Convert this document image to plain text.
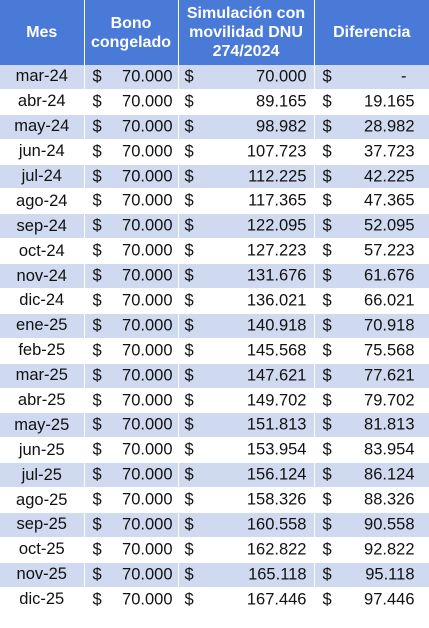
Mes	Bono congelado	Simulación con movilidad DNU 274/2024	Diferencia
mar-24	$ 70.000	$ 70.000	$ -

abr-24	$ 70.000	$ 89.165	$ 19.165

may-24	$ 70.000	$ 98.982	$ 28.982

jun-24	$ 70.000	$ 107.723	$ 37.723

jul-24	$ 70.000	$ 112.225	$ 42.225

ago-24	$ 70.000	$ 117.365	$ 47.365

sep-24	$ 70.000	$ 122.095	$ 52.095

oct-24	$ 70.000	$ 127.223	$ 57.223

nov-24	$ 70.000	$ 131.676	$ 61.676

dic-24	$ 70.000	$ 136.021	$ 66.021

ene-25	$ 70.000	$ 140.918	$ 70.918

feb-25	$ 70.000	$ 145.568	$ 75.568

mar-25	$ 70.000	$ 147.621	$ 77.621

abr-25	$ 70.000	$ 149.702	$ 79.702

may-25	$ 70.000	$ 151.813	$ 81.813

jun-25	$ 70.000	$ 153.954	$ 83.954

jul-25	$ 70.000	$ 156.124	$ 86.124

ago-25	$ 70.000	$ 158.326	$ 88.326

sep-25	$ 70.000	$ 160.558	$ 90.558

oct-25	$ 70.000	$ 162.822	$ 92.822

nov-25	$ 70.000	$ 165.118	$ 95.118

dic-25	$ 70.000	$ 167.446	$ 97.446
